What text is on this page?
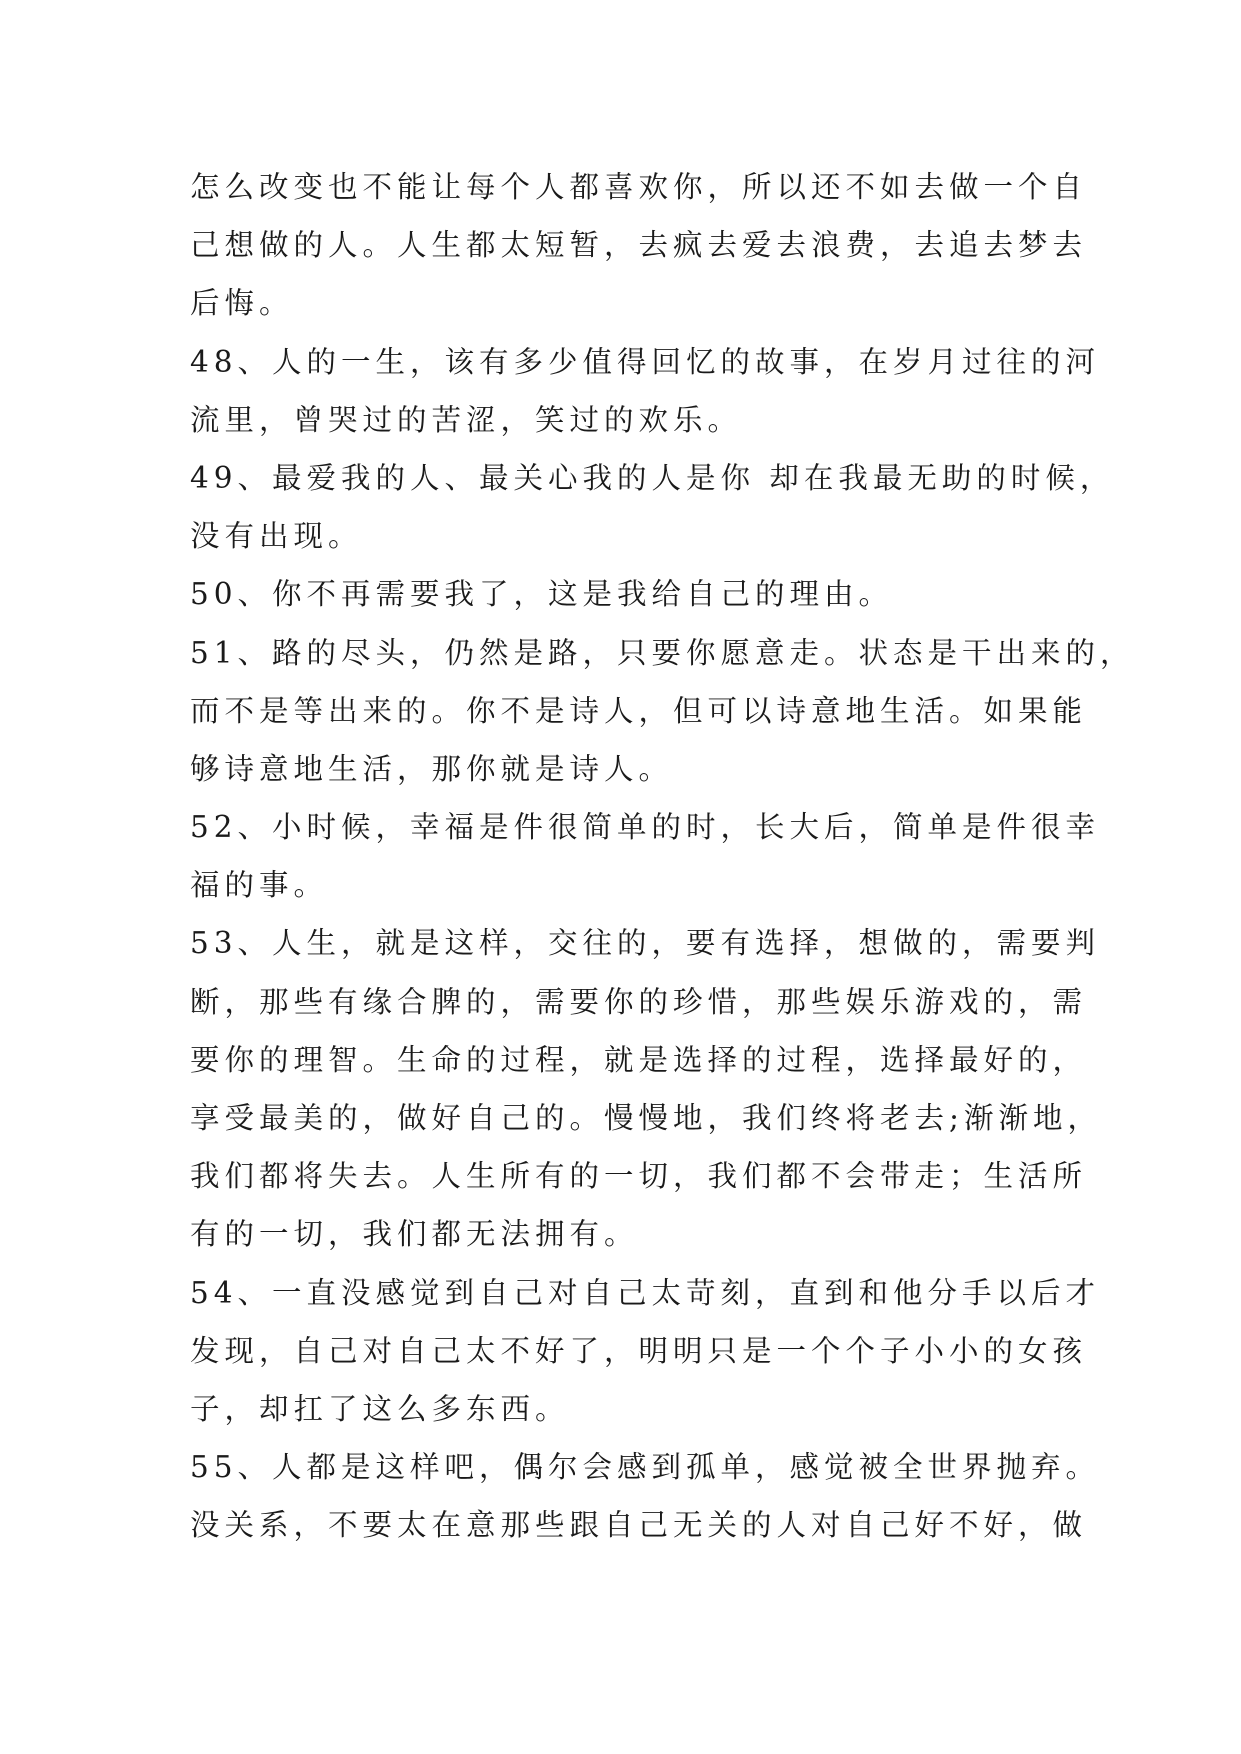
怎么改变也不能让每个人都喜欢你，所以还不如去做一个自
己想做的人。人生都太短暂，去疯去爱去浪费，去追去梦去
后悔。
48、人的一生，该有多少值得回忆的故事，在岁月过往的河
流里，曾哭过的苦涩，笑过的欢乐。
49、最爱我的人、最关心我的人是你 却在我最无助的时候，
没有出现。
50、你不再需要我了，这是我给自己的理由。
51、路的尽头，仍然是路，只要你愿意走。状态是干出来的，
而不是等出来的。你不是诗人，但可以诗意地生活。如果能
够诗意地生活，那你就是诗人。
52、小时候，幸福是件很简单的时，长大后，简单是件很幸
福的事。
53、人生，就是这样，交往的，要有选择，想做的，需要判
断，那些有缘合脾的，需要你的珍惜，那些娱乐游戏的，需
要你的理智。生命的过程，就是选择的过程，选择最好的，
享受最美的，做好自己的。慢慢地，我们终将老去;渐渐地，
我们都将失去。人生所有的一切，我们都不会带走；生活所
有的一切，我们都无法拥有。
54、一直没感觉到自己对自己太苛刻，直到和他分手以后才
发现，自己对自己太不好了，明明只是一个个子小小的女孩
子，却扛了这么多东西。
55、人都是这样吧，偶尔会感到孤单，感觉被全世界抛弃。
没关系，不要太在意那些跟自己无关的人对自己好不好，做
